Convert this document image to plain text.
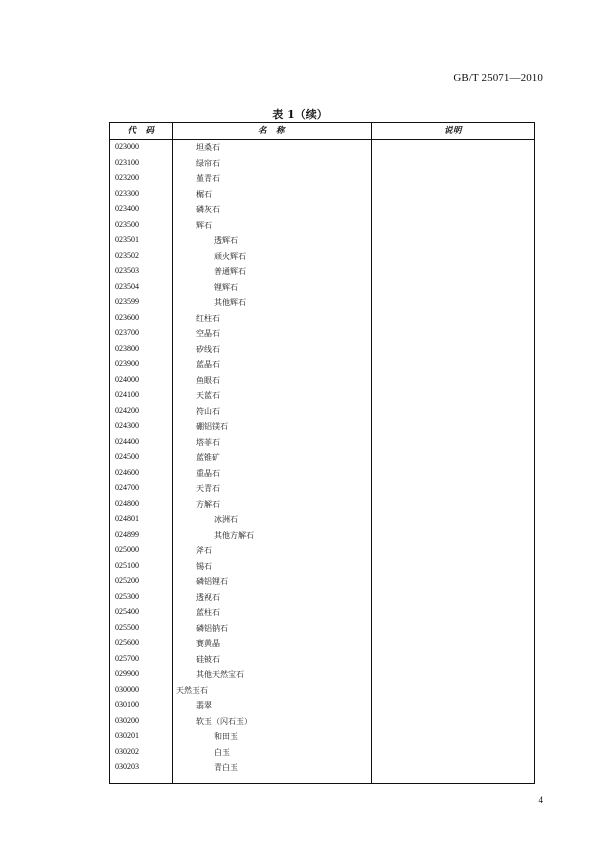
GB/T 25071—2010
表 1（续）
代　码	名　称	说明
023000	坦桑石
023100	绿帘石
023200	堇青石
023300	榍石
023400	磷灰石
023500	辉石
023501	透辉石
023502	顽火辉石
023503	普通辉石
023504	锂辉石
023599	其他辉石
023600	红柱石
023700	空晶石
023800	矽线石
023900	蓝晶石
024000	鱼眼石
024100	天蓝石
024200	符山石
024300	硼铝镁石
024400	塔菲石
024500	蓝锥矿
024600	重晶石
024700	天青石
024800	方解石
024801	冰洲石
024899	其他方解石
025000	斧石
025100	锡石
025200	磷铝锂石
025300	透视石
025400	蓝柱石
025500	磷铝钠石
025600	赛黄晶
025700	硅铍石
029900	其他天然宝石
030000	天然玉石
030100	翡翠
030200	软玉（闪石玉）
030201	和田玉
030202	白玉
030203	青白玉
4
